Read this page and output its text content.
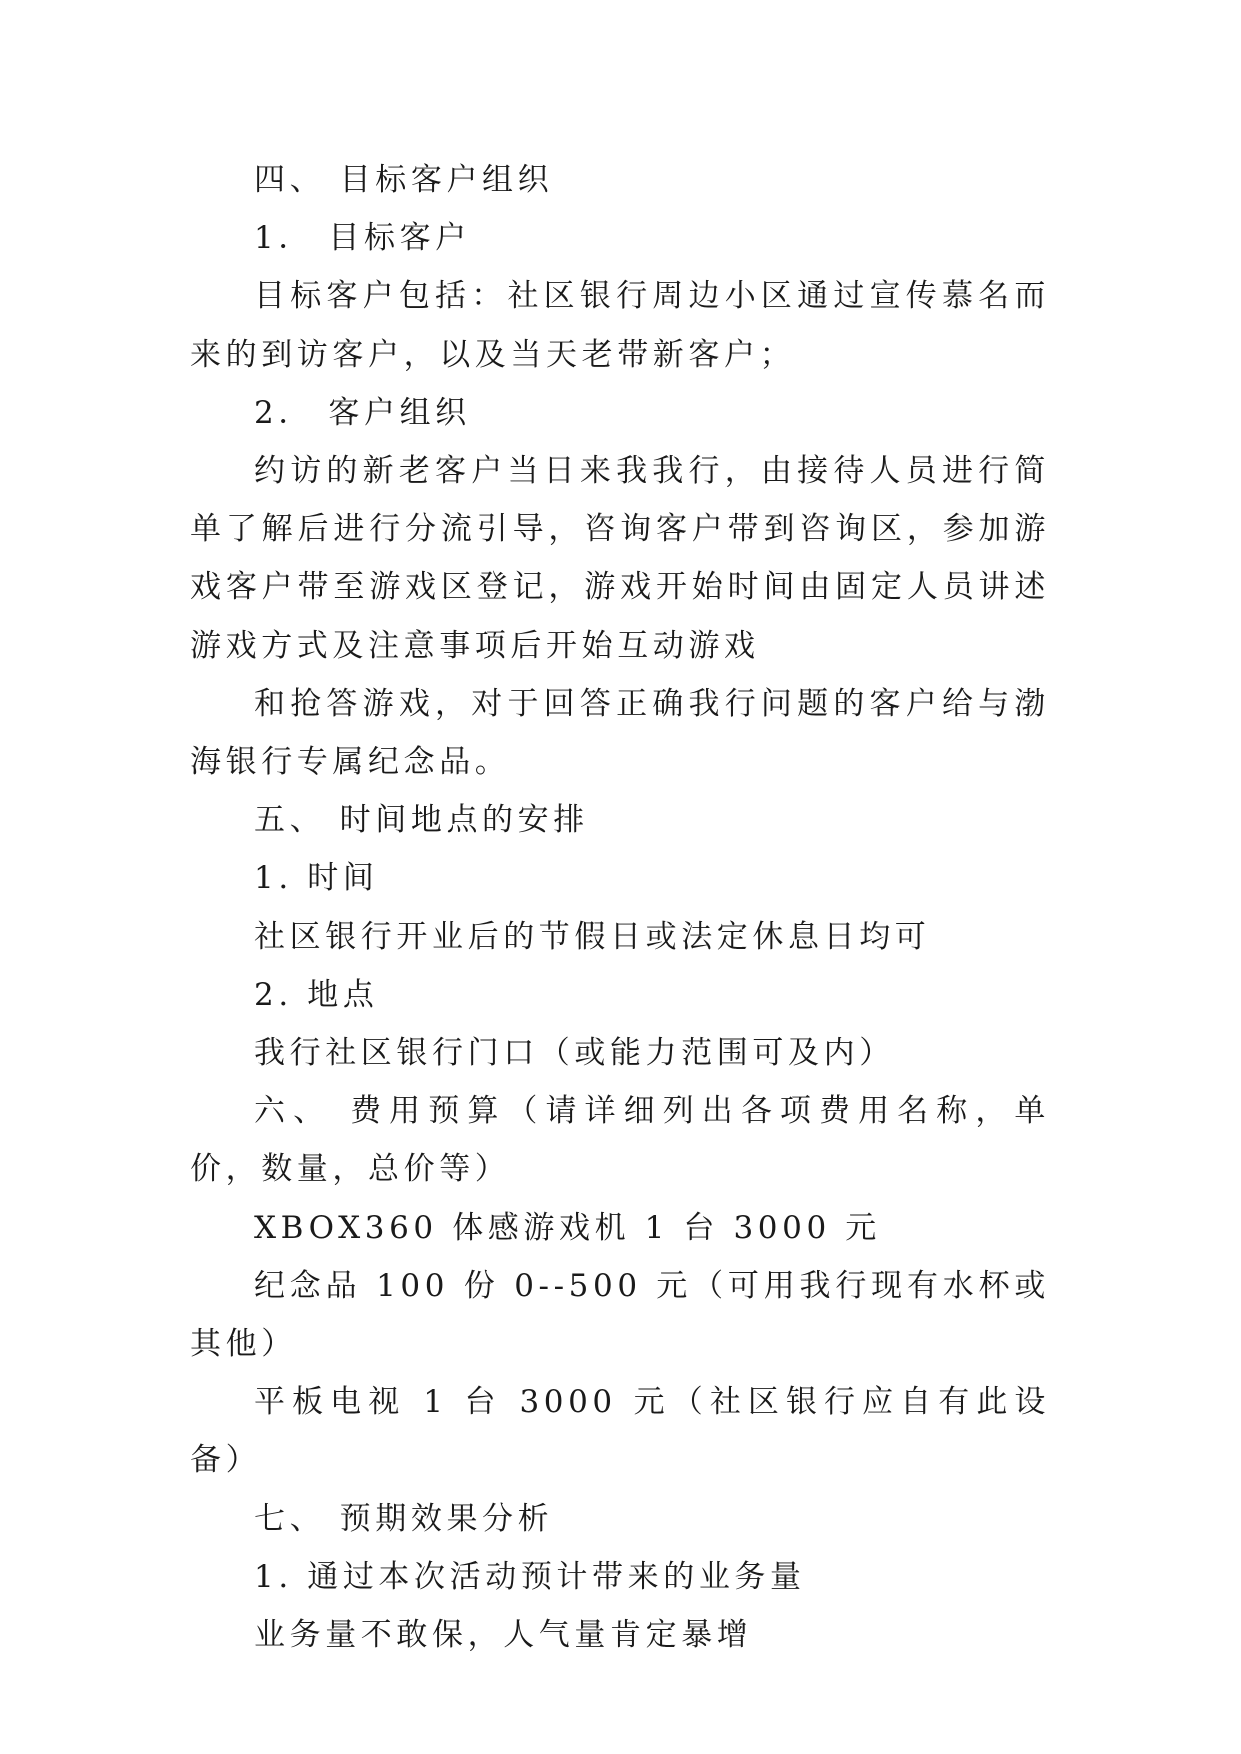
四、 目标客户组织

1． 目标客户

目标客户包括：社区银行周边小区通过宣传慕名而来的到访客户，以及当天老带新客户；

2． 客户组织

约访的新老客户当日来我我行，由接待人员进行简单了解后进行分流引导，咨询客户带到咨询区，参加游戏客户带至游戏区登记，游戏开始时间由固定人员讲述游戏方式及注意事项后开始互动游戏

和抢答游戏，对于回答正确我行问题的客户给与渤海银行专属纪念品。

五、 时间地点的安排

1. 时间

社区银行开业后的节假日或法定休息日均可

2. 地点

我行社区银行门口（或能力范围可及内）

六、 费用预算（请详细列出各项费用名称，单价，数量，总价等）

XBOX360 体感游戏机 1 台 3000 元

纪念品 100 份 0--500 元（可用我行现有水杯或其他）

平板电视 1 台 3000 元（社区银行应自有此设备）

七、 预期效果分析

1. 通过本次活动预计带来的业务量

业务量不敢保，人气量肯定暴增
